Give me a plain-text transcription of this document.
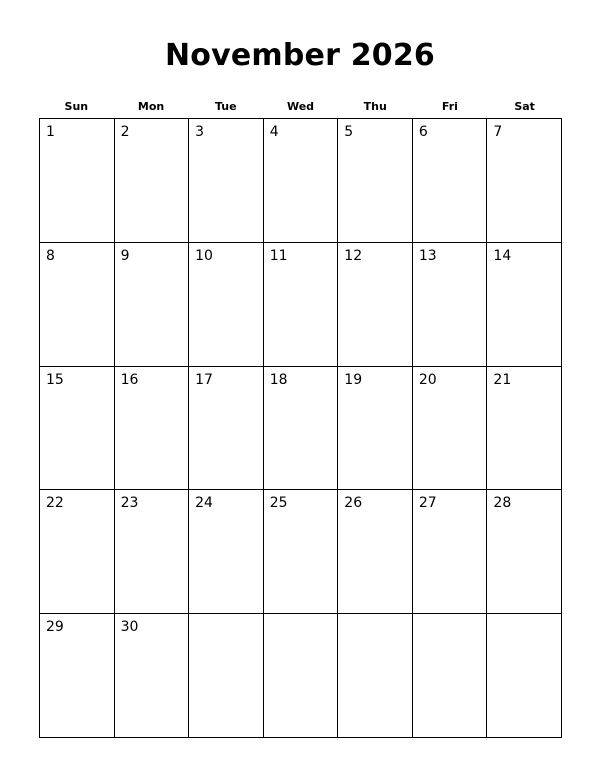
November 2026
Sun	Mon	Tue	Wed	Thu	Fri	Sat
1	2	3	4	5	6	7
8	9	10	11	12	13	14
15	16	17	18	19	20	21
22	23	24	25	26	27	28
29	30
